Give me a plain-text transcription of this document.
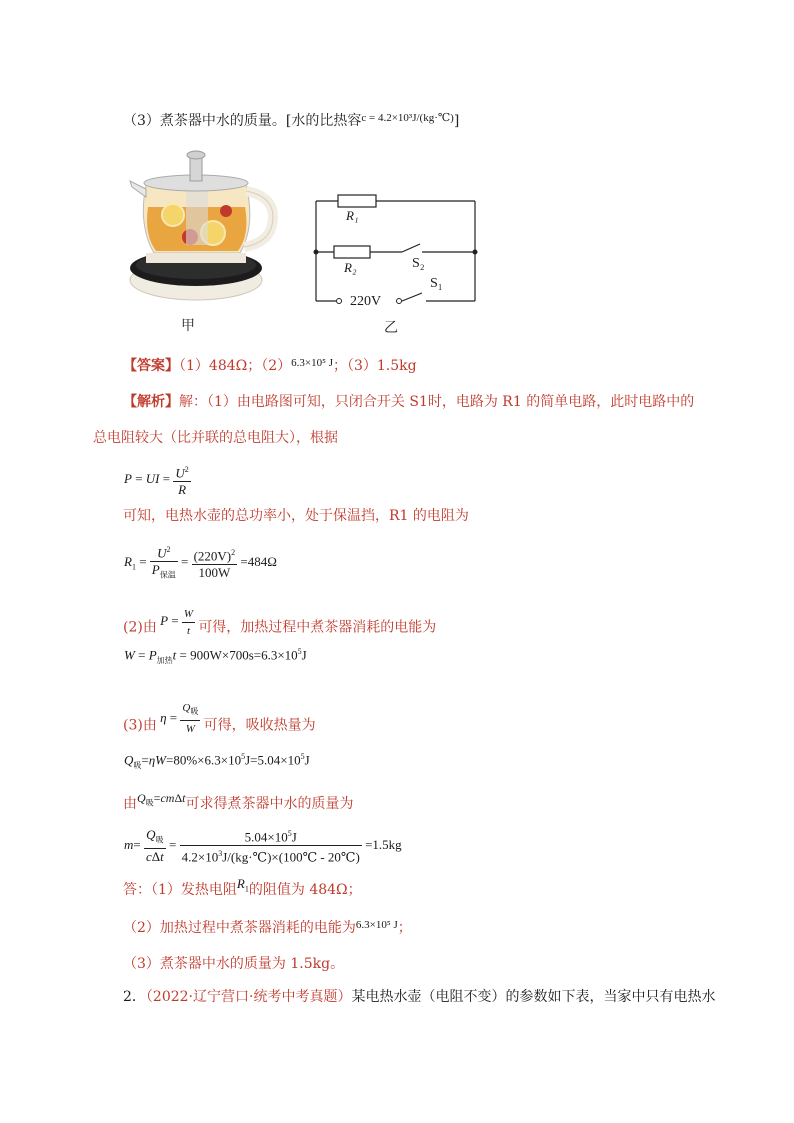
（3）煮茶器中水的质量。[水的比热容$^{c = 4.2\times 10^3J/(kg\cdot℃)}$]
甲
R₁
R₂	S₂
S₁
220V
乙
【答案】（1）484Ω；$(2)^{6.3\times 10^5 J}$；（3）1.5kg
【解析】解：（1）由电路图可知，只闭合开关 S1时，电路为 R1 的简单电路，此时电路中的
总电阻较大（比并联的总电阻大），根据
P = UI = $\frac{U^2}{R}$
可知，电热水壶的总功率小，处于保温挡，R1 的电阻为
$R_1 = \frac{U^2}{P_{保温}} = \frac{(220V)^2}{100W} =484\Omega$
(2)由 $P = \frac{W}{t}$ 可得，加热过程中煮茶器消耗的电能为
$W = P_{加热}t = 900W\times 700s=6.3\times 10^5J$
(3)由 $\eta = \frac{Q_吸}{W}$ 可得，吸收热量为
$Q_吸=\eta W=80\%\times 6.3\times 10^5J=5.04\times 10^5J$
由$Q_吸=cm\Delta t$可求得煮茶器中水的质量为
$m= \frac{Q_吸}{\text{cΔt}} = \frac{5.04\times 10^5J}{4.2\times 10^3J/(kg\cdot℃)\times(100℃ - 20℃)} =1.5kg$
答：（1）发热电阻$R_1$的阻值为 484Ω；
（2）加热过程中煮茶器消耗的电能为$^{6.3\times 10^5 J}$；
（3）煮茶器中水的质量为 1.5kg。
2．（2022·辽宁营口·统考中考真题）某电热水壶（电阻不变）的参数如下表，当家中只有电热水
